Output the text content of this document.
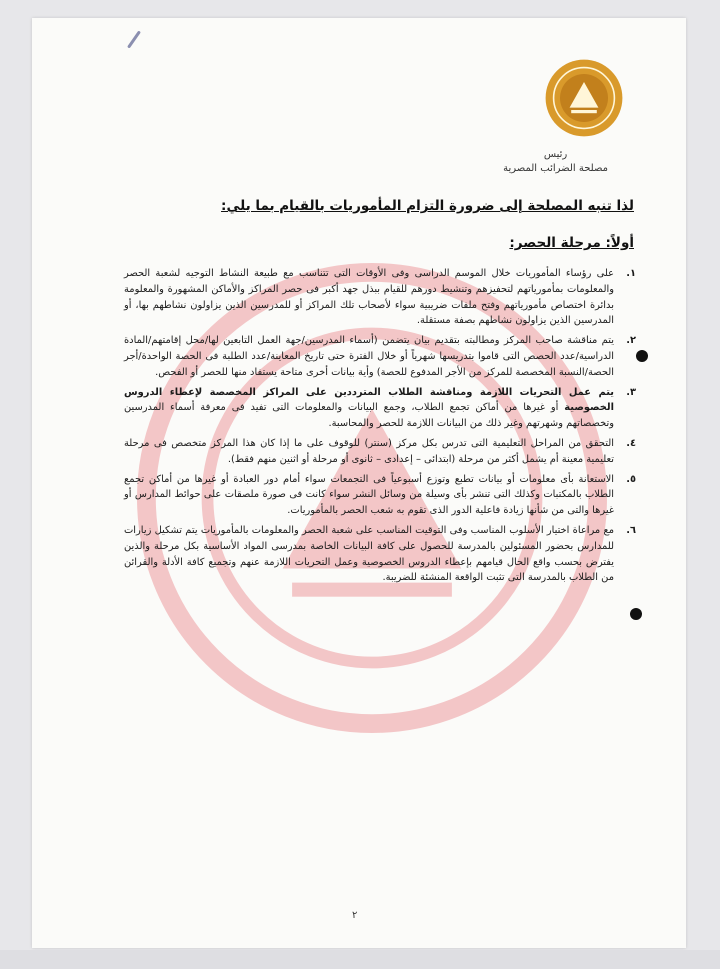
رئيس
مصلحة الضرائب المصرية
لذا تنبه المصلحة إلى ضرورة التزام المأموريات بالقيام بما يلي:
أولاً: مرحلة الحصر:
١.
على رؤساء المأموريات خلال الموسم الدراسى وفى الأوقات التى تتناسب مع طبيعة النشاط التوجيه لشعبة الحصر والمعلومات بمأمورياتهم لتحفيزهم وتنشيط دورهم للقيام ببذل جهد أكبر فى حصر المراكز والأماكن المشهورة والمعلومة بدائرة اختصاص مأمورياتهم وفتح ملفات ضريبية سواء لأصحاب تلك المراكز أو للمدرسين الذين يزاولون نشاطهم بها، أو المدرسين الذين يزاولون نشاطهم بصفة مستقلة.
٢.
يتم مناقشة صاحب المركز ومطالبته بتقديم بيان يتضمن (أسماء المدرسين/جهة العمل التابعين لها/محل إقامتهم/المادة الدراسية/عدد الحصص التى قاموا بتدريسها شهرياً أو خلال الفترة حتى تاريخ المعاينة/عدد الطلبة فى الحصة الواحدة/أجر الحصة/النسبة المخصصة للمركز من الأجر المدفوع للحصة) وأية بيانات أخرى متاحة يستفاد منها للحصر أو الفحص.
٣.
يتم عمل التحريات اللازمة ومناقشة الطلاب المترددين على المراكز المخصصة لإعطاء الدروس الخصوصية أو غيرها من أماكن تجمع الطلاب، وجمع البيانات والمعلومات التى تفيد فى معرفة أسماء المدرسين وتخصصاتهم وشهرتهم وغير ذلك من البيانات اللازمة للحصر والمحاسبة.
٤.
التحقق من المراحل التعليمية التى تدرس بكل مركز (سنتر) للوقوف على ما إذا كان هذا المركز متخصص فى مرحلة تعليمية معينة أم يشمل أكثر من مرحلة (ابتدائى – إعدادى – ثانوى أو مرحلة أو اثنين منهم فقط).
٥.
الاستعانة بأى معلومات أو بيانات تطبع وتوزع أسبوعياً فى التجمعات سواء أمام دور العبادة أو غيرها من أماكن تجمع الطلاب بالمكتبات وكذلك التى تنشر بأى وسيلة من وسائل النشر سواء كانت فى صورة ملصقات على حوائط المدارس أو غيرها والتى من شأنها زيادة فاعلية الدور الذى تقوم به شعب الحصر بالمأموريات.
٦.
مع مراعاة اختيار الأسلوب المناسب وفى التوقيت المناسب على شعبة الحصر والمعلومات بالمأموريات يتم تشكيل زيارات للمدارس بحضور المسئولين بالمدرسة للحصول على كافة البيانات الخاصة بمدرسى المواد الأساسية بكل مرحلة والذين يفترض بحسب واقع الحال قيامهم بإعطاء الدروس الخصوصية وعمل التحريات اللازمة عنهم وتجميع كافة الأدلة والقرائن من الطلاب بالمدرسة التى تثبت الواقعة المنشئة للضريبة.
٢
